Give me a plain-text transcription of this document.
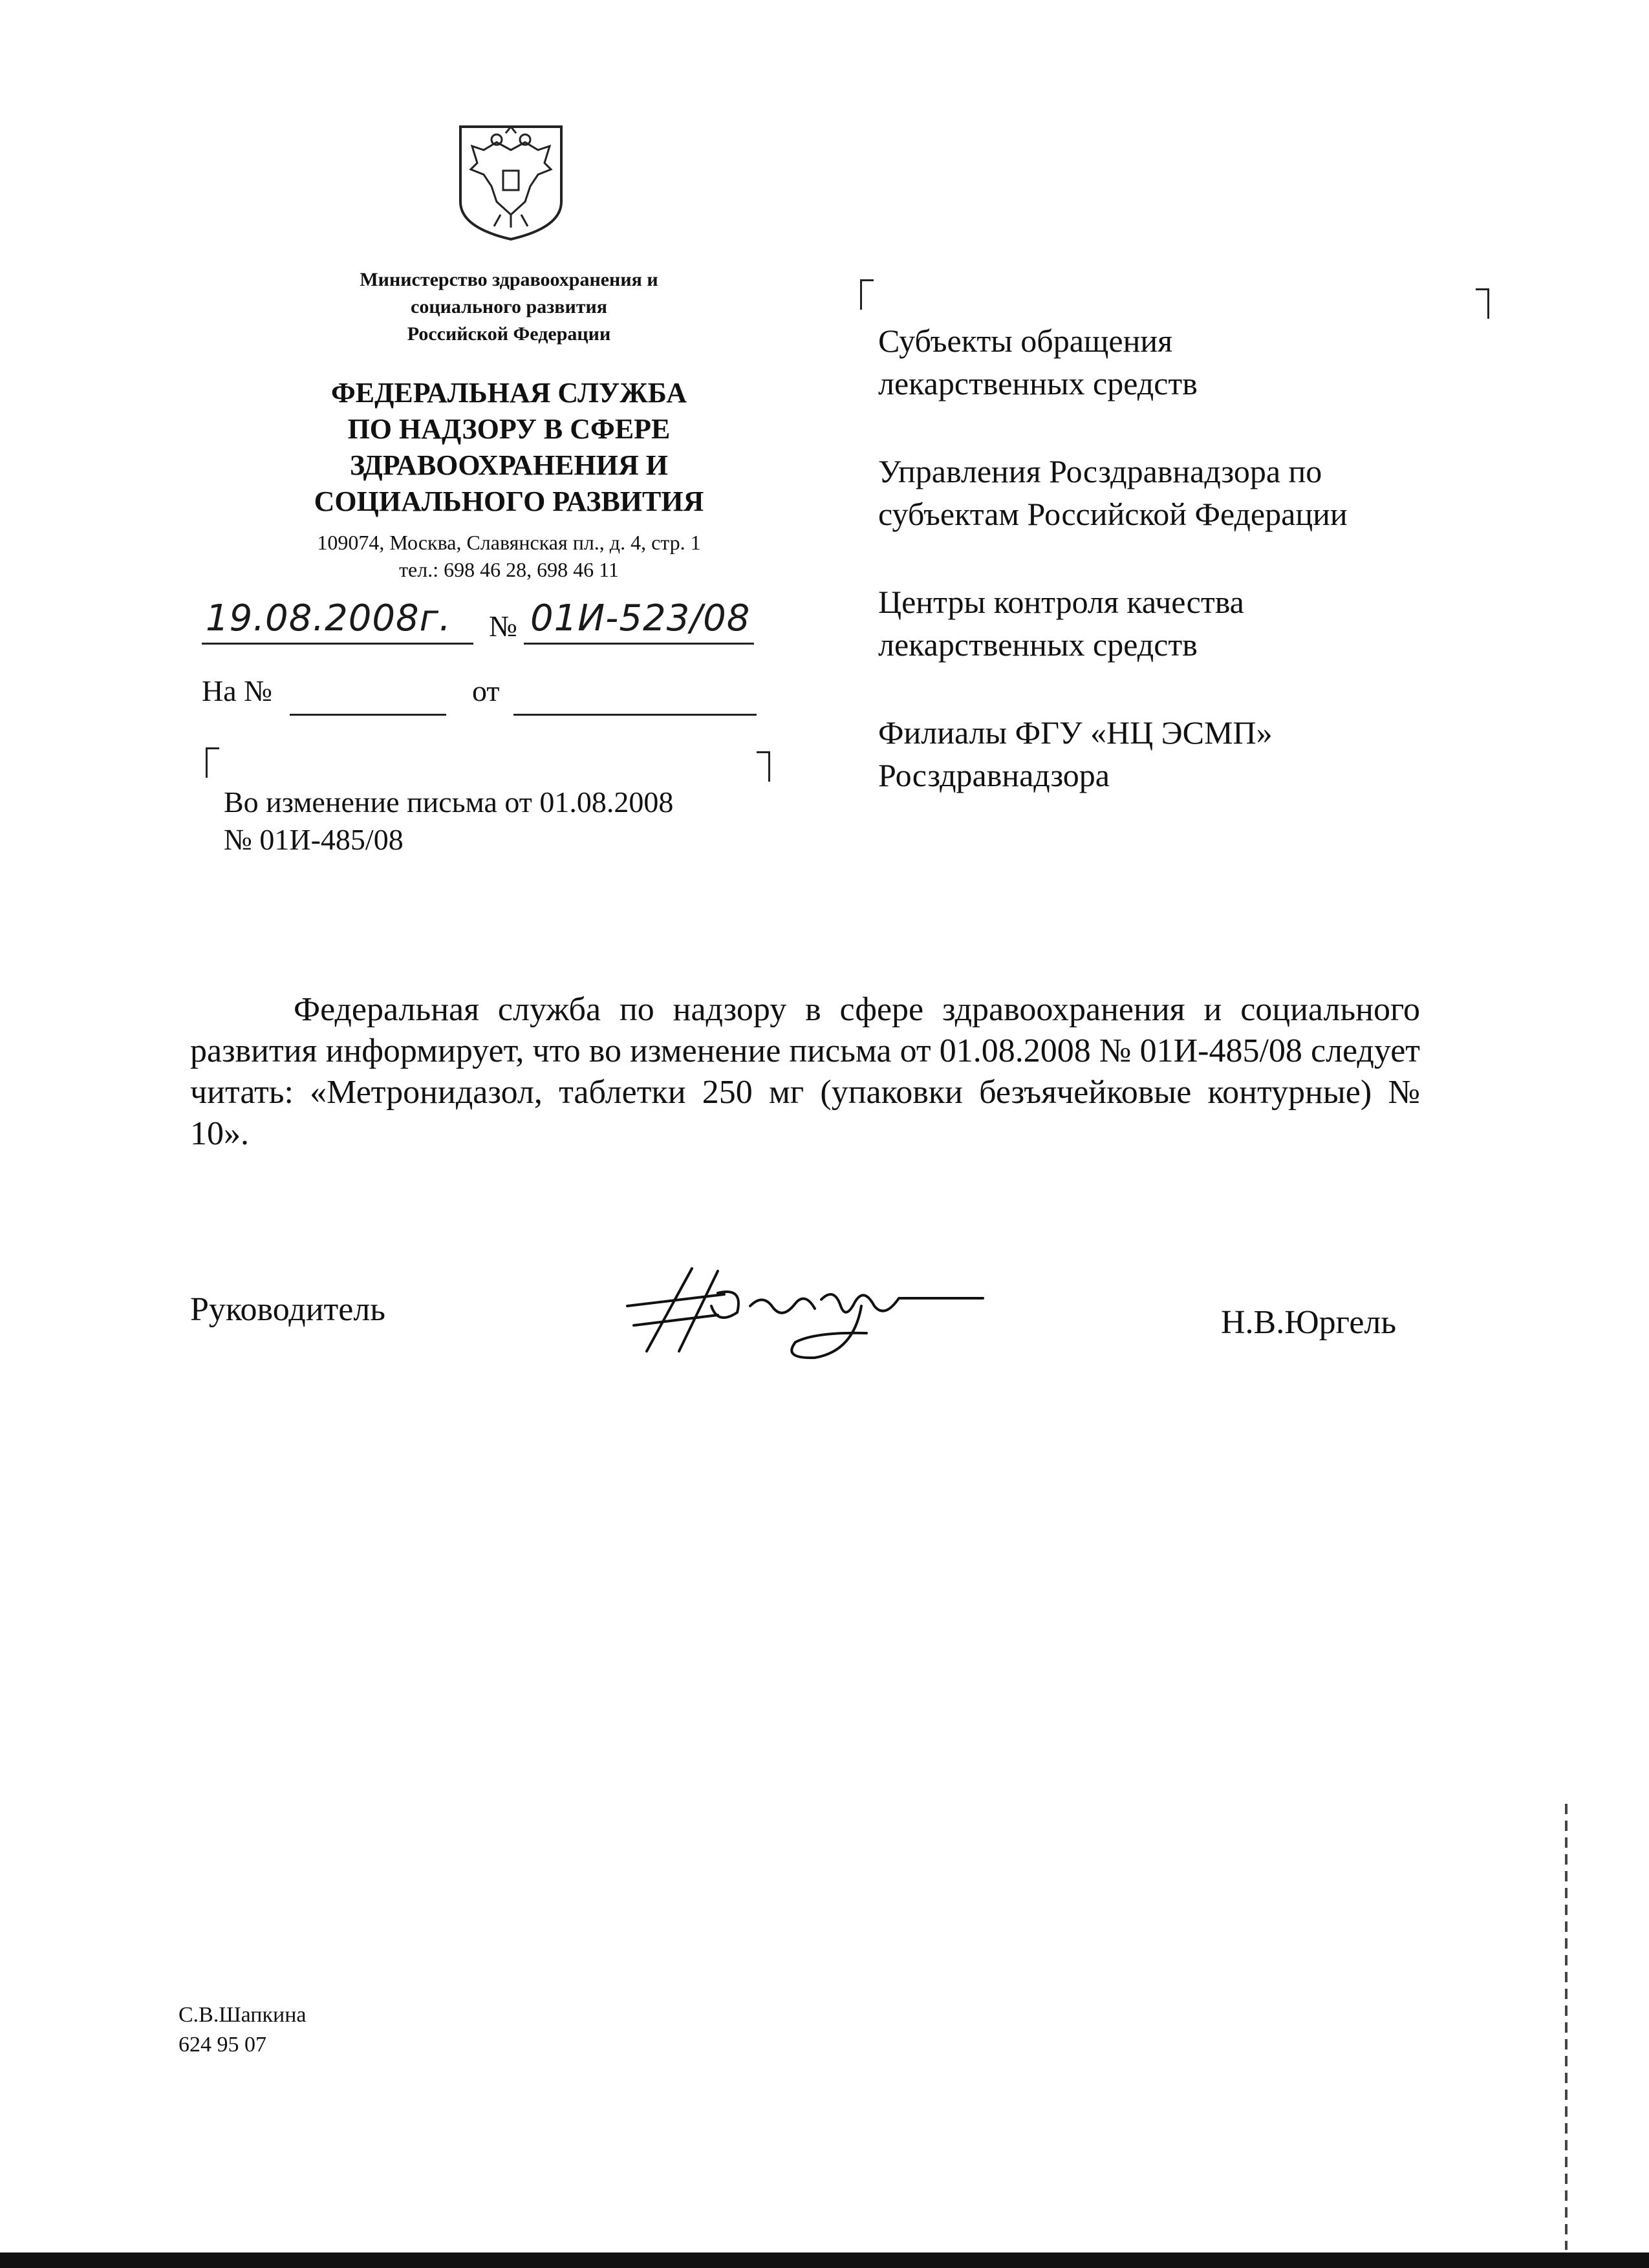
Министерство здравоохранения и
социального развития
Российской Федерации
ФЕДЕРАЛЬНАЯ СЛУЖБА
ПО НАДЗОРУ В СФЕРЕ
ЗДРАВООХРАНЕНИЯ И
СОЦИАЛЬНОГО РАЗВИТИЯ
109074, Москва, Славянская пл., д. 4, стр. 1
тел.: 698 46 28, 698 46 11
19.08.2008г. № 01И-523/08
На №	от
Во изменение письма от 01.08.2008
№ 01И-485/08
Субъекты обращения
лекарственных средств
Управления Росздравнадзора по
субъектам Российской Федерации
Центры контроля качества
лекарственных средств
Филиалы ФГУ «НЦ ЭСМП»
Росздравнадзора
Федеральная служба по надзору в сфере здравоохранения и социального развития информирует, что во изменение письма от 01.08.2008 № 01И-485/08 следует читать: «Метронидазол, таблетки 250 мг (упаковки безъячейковые контурные) № 10».
Руководитель	Н.В.Юргель
С.В.Шапкина
624 95 07
